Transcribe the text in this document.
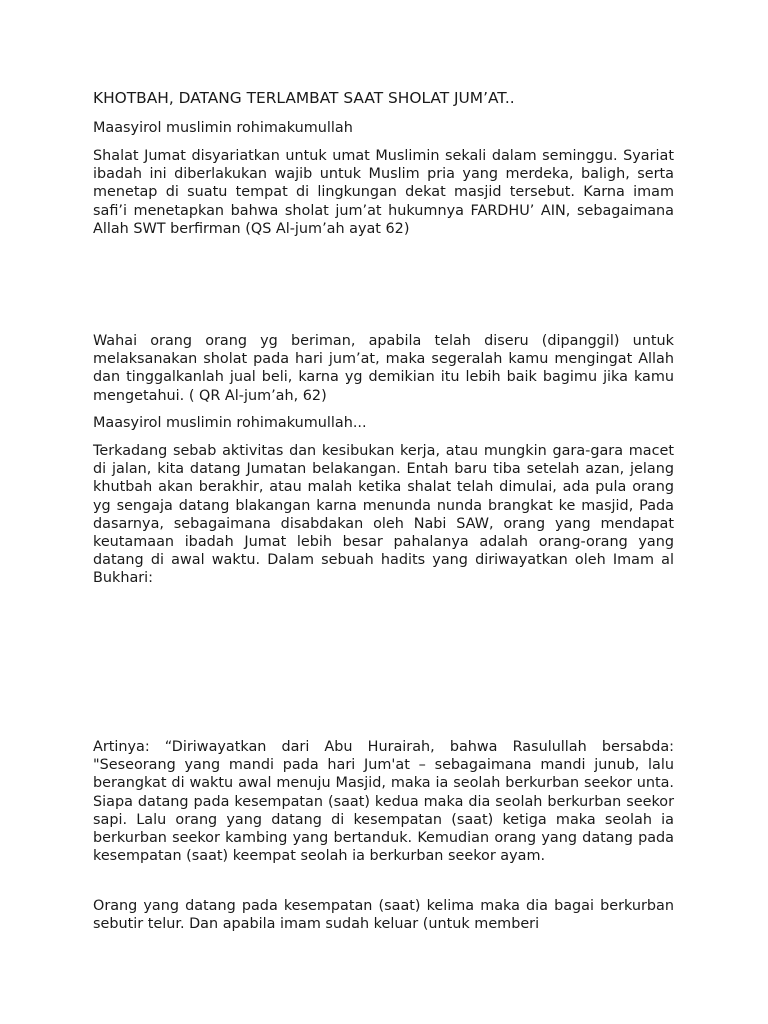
KHOTBAH, DATANG TERLAMBAT SAAT SHOLAT JUM’AT..

Maasyirol muslimin rohimakumullah

Shalat Jumat disyariatkan untuk umat Muslimin sekali dalam seminggu. Syariat ibadah ini diberlakukan wajib untuk Muslim pria yang merdeka, baligh, serta menetap di suatu tempat di lingkungan dekat masjid tersebut. Karna imam safi’i menetapkan bahwa sholat jum’at hukumnya FARDHU’ AIN, sebagaimana Allah SWT berfirman (QS Al-jum’ah ayat 62)

Wahai orang orang yg beriman, apabila telah diseru (dipanggil) untuk melaksanakan sholat pada hari jum’at, maka segeralah kamu mengingat Allah dan tinggalkanlah jual beli, karna yg demikian itu lebih baik bagimu jika kamu mengetahui. ( QR Al-jum’ah, 62)

Maasyirol muslimin rohimakumullah...

Terkadang sebab aktivitas dan kesibukan kerja, atau mungkin gara-gara macet di jalan, kita datang Jumatan belakangan. Entah baru tiba setelah azan, jelang khutbah akan berakhir, atau malah ketika shalat telah dimulai, ada pula orang yg sengaja datang blakangan karna menunda nunda brangkat ke masjid, Pada dasarnya, sebagaimana disabdakan oleh Nabi SAW, orang yang mendapat keutamaan ibadah Jumat lebih besar pahalanya adalah orang-orang yang datang di awal waktu. Dalam sebuah hadits yang diriwayatkan oleh Imam al Bukhari:

Artinya: “Diriwayatkan dari Abu Hurairah, bahwa Rasulullah bersabda: "Seseorang yang mandi pada hari Jum'at – sebagaimana mandi junub, lalu berangkat di waktu awal menuju Masjid, maka ia seolah berkurban seekor unta. Siapa datang pada kesempatan (saat) kedua maka dia seolah berkurban seekor sapi. Lalu orang yang datang di kesempatan (saat) ketiga maka seolah ia berkurban seekor kambing yang bertanduk. Kemudian orang yang datang pada kesempatan (saat) keempat seolah ia berkurban seekor ayam.

Orang yang datang pada kesempatan (saat) kelima maka dia bagai berkurban sebutir telur. Dan apabila imam sudah keluar (untuk memberi
